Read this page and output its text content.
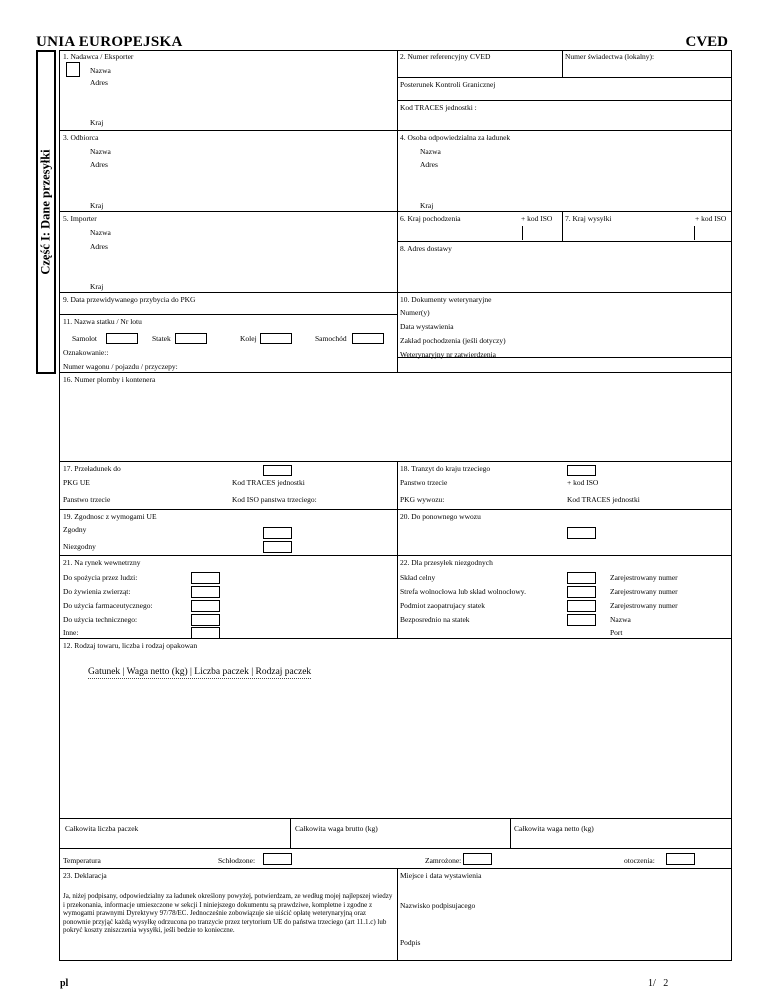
UNIA EUROPEJSKA	CVED
Część I: Dane przesyłki
1. Nadawca / Eksporter
Nazwa
Adres
Kraj
2. Numer referencyjny CVED	Numer świadectwa (lokalny):
Posterunek Kontroli Granicznej
Kod TRACES jednostki :
3. Odbiorca
Nazwa
Adres
Kraj
4. Osoba odpowiedzialna za ładunek
Nazwa
Adres
Kraj
5. Importer
Nazwa
Adres
Kraj
6. Kraj pochodzenia	+ kod ISO 7. Kraj wysyłki	+ kod ISO
8. Adres dostawy
9. Data przewidywanego przybycia do PKG	10. Dokumenty weterynaryjne
Numer(y)
Data wystawienia
Zakład pochodzenia (jeśli dotyczy)
Weterynaryjny nr zatwierdzenia
11. Nazwa statku / Nr lotu
Samolot	Statek	Kolej	Samochód
Oznakowanie::
Numer wagonu / pojazdu / przyczepy:
16. Numer plomby i kontenera
17. Przeładunek do
PKG UE	Kod TRACES jednostki
Panstwo trzecie	Kod ISO panstwa trzeciego:
18. Tranzyt do kraju trzeciego
Panstwo trzecie	+ kod ISO
PKG wywozu:	Kod TRACES jednostki
19. Zgodnosc z wymogami UE
Zgodny
Niezgodny
20. Do ponownego wwozu
21. Na rynek wewnetrzny
Do spożycia przez ludzi:
Do żywienia zwierząt:
Do użycia farmaceutycznego:
Do użycia technicznego:
Inne:
22. Dla przesyłek niezgodnych
Skład celny	Zarejestrowany numer
Strefa wolnocłowa lub skład wolnocłowy.	Zarejestrowany numer
Podmiot zaopatrujacy statek	Zarejestrowany numer
Bezposrednio na statek	Nazwa
Port
12. Rodzaj towaru, liczba i rodzaj opakowan
Gatunek | Waga netto (kg) | Liczba paczek | Rodzaj paczek
Całkowita liczba paczek	Całkowita waga brutto (kg)	Całkowita waga netto (kg)
Temperatura	Schłodzone:	Zamrożone:	otoczenia:
23. Deklaracja
Ja, niżej podpisany, odpowiedzialny za ładunek określony powyżej, potwierdzam, ze według mojej najlepszej wiedzy i przekonania, informacje umieszczone w sekcji I niniejszego dokumentu są prawdziwe, kompletne i zgodne z wymogami prawnymi Dyrektywy 97/78/EC. Jednocześnie zobowiązuje sie uiścić opłatę weterynaryjną oraz ponownie przyjąć każdą wysyłkę odrzucona po tranzycie przez terytorium UE do państwa trzeciego (art 11.1.c) lub pokryć koszty zniszczenia wysyłki, jeśli bedzie to konieczne.
Miejsce i data wystawienia
Nazwisko podpisujacego
Podpis
pl	1/   2
